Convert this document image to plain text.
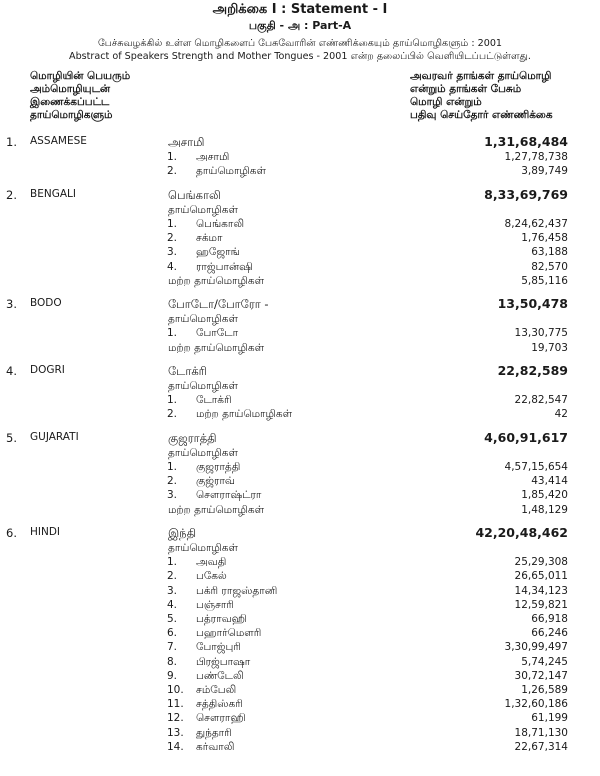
அறிக்கை I : Statement - I
பகுதி - அ : Part-A
பேச்சுவழக்கில் உள்ள மொழிகளைப் பேசுவோரின் எண்ணிக்கையும் தாய்மொழிகளும் : 2001
Abstract of Speakers Strength and Mother Tongues - 2001 என்ற தலைப்பில் வெளியிடப்பட்டுள்ளது.
மொழியின் பெயரும்
அம்மொழியுடன்
இணைக்கப்பட்ட
தாய்மொழிகளும்
அவரவர் தாங்கள் தாய்மொழி
என்றும் தாங்கள் பேசும்
மொழி என்றும்
பதிவு செய்தோர் எண்ணிக்கை
1. ASSAMESE	அசாமி	1,31,68,484
1. அசாமி	1,27,78,738
2. தாய்மொழிகள்	3,89,749
2. BENGALI	பெங்காலி	8,33,69,769
தாய்மொழிகள்
1. பெங்காலி	8,24,62,437
2. சக்மா	1,76,458
3. ஹஜோங்	63,188
4. ராஜ்பான்ஷி	82,570
மற்ற தாய்மொழிகள்	5,85,116
3. BODO	போடோ/போரோ -	13,50,478
தாய்மொழிகள்
1. போடோ	13,30,775
மற்ற தாய்மொழிகள்	19,703
4. DOGRI	டோக்ரி	22,82,589
தாய்மொழிகள்
1. டோக்ரி	22,82,547
2. மற்ற தாய்மொழிகள்	42
5. GUJARATI	குஜராத்தி	4,60,91,617
தாய்மொழிகள்
1. குஜராத்தி	4,57,15,654
2. குஜ்ராவ்	43,414
3. சௌராஷ்ட்ரா	1,85,420
மற்ற தாய்மொழிகள்	1,48,129
6. HINDI	இந்தி	42,20,48,462
தாய்மொழிகள்
1. அவதி	25,29,308
2. பகேல்	26,65,011
3. பக்ரி ராஜஸ்தானி	14,34,123
4. பஞ்சாரி	12,59,821
5. பத்ராவஹி	66,918
6. பஹார்மௌரி	66,246
7. போஜ்புரி	3,30,99,497
8. பிரஜ்பாஷா	5,74,245
9. பண்டேலி	30,72,147
10. சம்பேலி	1,26,589
11. சத்திஸ்கரி	1,32,60,186
12. சௌராஹி	61,199
13. துந்தாரி	18,71,130
14. கர்வாலி	22,67,314
